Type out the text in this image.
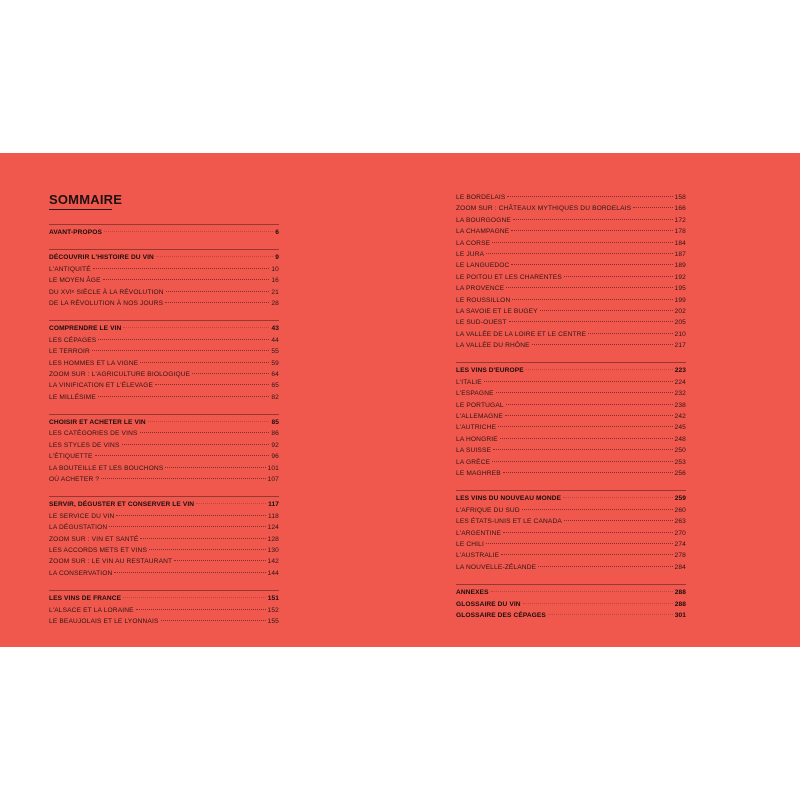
SOMMAIRE
AVANT-PROPOS	6
DÉCOUVRIR L'HISTOIRE DU VIN	9
L'ANTIQUITÉ	10
LE MOYEN ÂGE	16
DU XVIᵉ SIÈCLE À LA RÉVOLUTION	21
DE LA RÉVOLUTION À NOS JOURS	28
COMPRENDRE LE VIN	43
LES CÉPAGES	44
LE TERROIR	55
LES HOMMES ET LA VIGNE	59
ZOOM SUR : L'AGRICULTURE BIOLOGIQUE	64
LA VINIFICATION ET L'ÉLEVAGE	65
LE MILLÉSIME	82
CHOISIR ET ACHETER LE VIN	85
LES CATÉGORIES DE VINS	86
LES STYLES DE VINS	92
L'ÉTIQUETTE	96
LA BOUTEILLE ET LES BOUCHONS	101
OÙ ACHETER ?	107
SERVIR, DÉGUSTER ET CONSERVER LE VIN	117
LE SERVICE DU VIN	118
LA DÉGUSTATION	124
ZOOM SUR : VIN ET SANTÉ	128
LES ACCORDS METS ET VINS	130
ZOOM SUR : LE VIN AU RESTAURANT	142
LA CONSERVATION	144
LES VINS DE FRANCE	151
L'ALSACE ET LA LORAINE	152
LE BEAUJOLAIS ET LE LYONNAIS	155
LE BORDELAIS	158
ZOOM SUR : CHÂTEAUX MYTHIQUES DU BORDELAIS	166
LA BOURGOGNE	172
LA CHAMPAGNE	178
LA CORSE	184
LE JURA	187
LE LANGUEDOC	189
LE POITOU ET LES CHARENTES	192
LA PROVENCE	195
LE ROUSSILLON	199
LA SAVOIE ET LE BUGEY	202
LE SUD-OUEST	205
LA VALLÉE DE LA LOIRE ET LE CENTRE	210
LA VALLÉE DU RHÔNE	217
LES VINS D'EUROPE	223
L'ITALIE	224
L'ESPAGNE	232
LE PORTUGAL	238
L'ALLEMAGNE	242
L'AUTRICHE	245
LA HONGRIE	248
LA SUISSE	250
LA GRÈCE	253
LE MAGHREB	256
LES VINS DU NOUVEAU MONDE	259
L'AFRIQUE DU SUD	260
LES ÉTATS-UNIS ET LE CANADA	263
L'ARGENTINE	270
LE CHILI	274
L'AUSTRALIE	278
LA NOUVELLE-ZÉLANDE	284
ANNEXES	288
GLOSSAIRE DU VIN	288
GLOSSAIRE DES CÉPAGES	301
